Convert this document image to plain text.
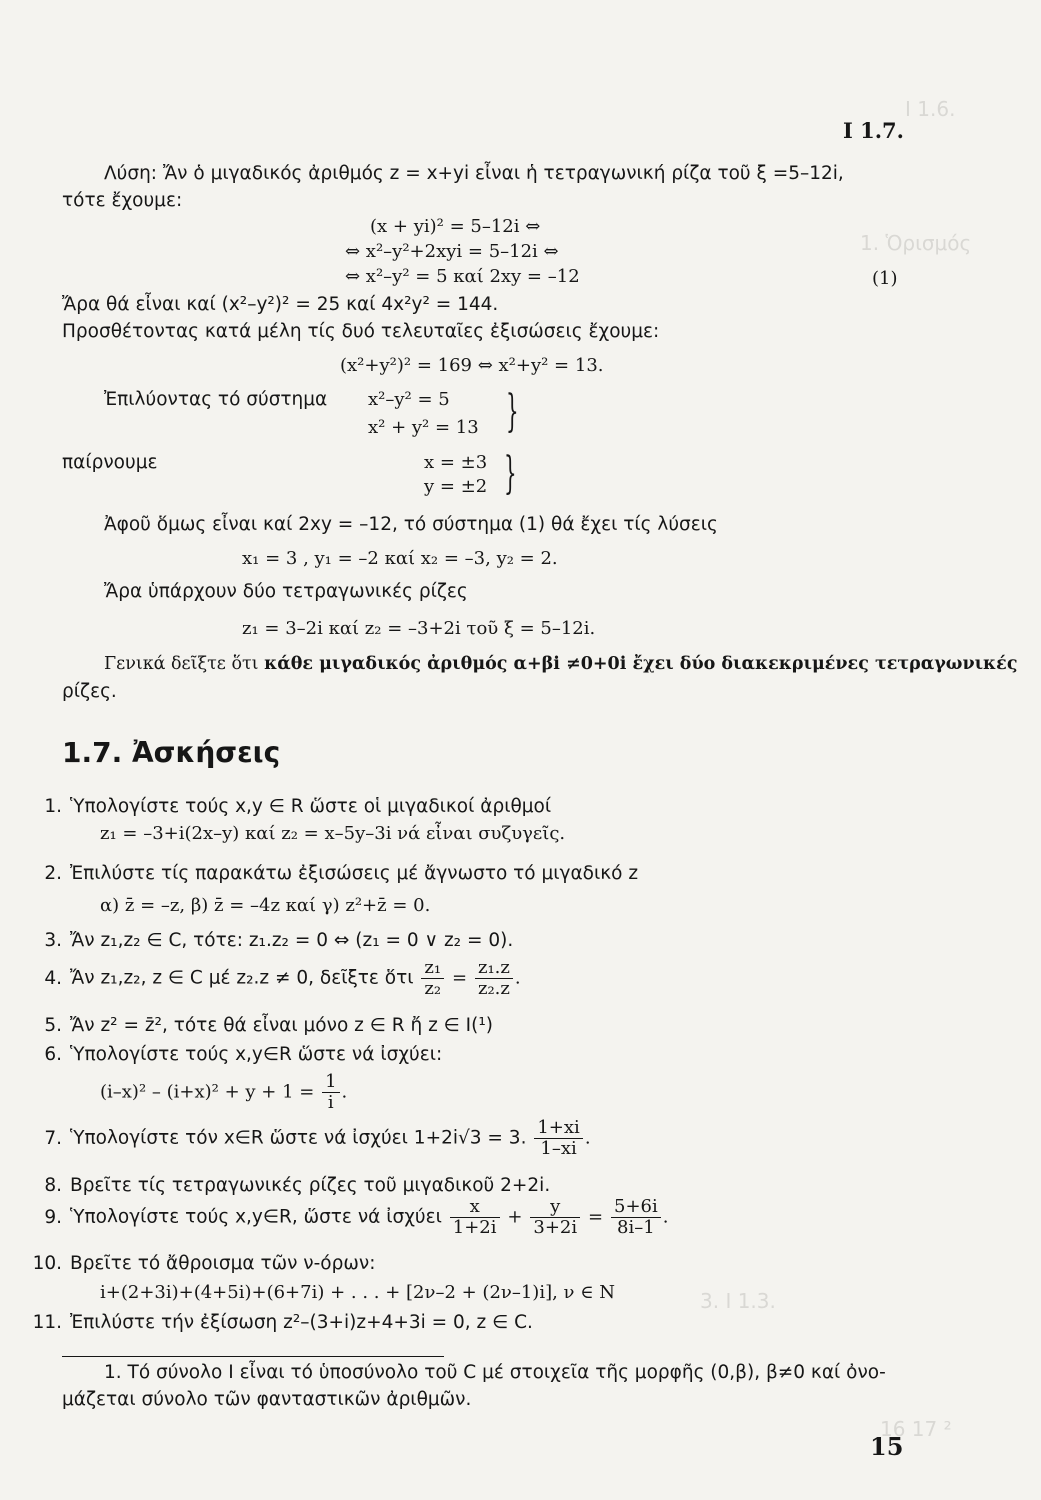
I 1.6.
1. Ὁρισμός
3. I 1.3.
16 17 ²
I 1.7.
Λύση: Ἄν ὁ μιγαδικός ἀριθμός z = x+yi εἶναι ἡ τετραγωνική ρίζα τοῦ ξ =5–12i,
τότε ἔχουμε:
(x + yi)² = 5–12i ⇔
⇔ x²–y²+2xyi = 5–12i ⇔
⇔ x²–y² = 5 καί 2xy = –12	(1)
Ἄρα θά εἶναι καί (x²–y²)² = 25 καί 4x²y² = 144.
Προσθέτοντας κατά μέλη τίς δυό τελευταῖες ἐξισώσεις ἔχουμε:
(x²+y²)² = 169 ⇔ x²+y² = 13.
Ἐπιλύοντας τό σύστημα x²–y² = 5
x² + y² = 13 }
παίρνουμε	x = ±3
y = ±2 }
Ἀφοῦ ὅμως εἶναι καί 2xy = –12, τό σύστημα (1) θά ἔχει τίς λύσεις
x₁ = 3 , y₁ = –2 καί x₂ = –3, y₂ = 2.
Ἄρα ὑπάρχουν δύο τετραγωνικές ρίζες
z₁ = 3–2i καί z₂ = –3+2i τοῦ ξ = 5–12i.
Γενικά δεῖξτε ὅτι κάθε μιγαδικός ἀριθμός α+βi ≠0+0i ἔχει δύο διακεκριμένες τετραγωνικές
ρίζες.
1.7. Ἀσκήσεις
1. Ὑπολογίστε τούς x,y ∈ R ὥστε οἱ μιγαδικοί ἀριθμοί
z₁ = –3+i(2x–y) καί z₂ = x–5y–3i νά εἶναι συζυγεῖς.
2. Ἐπιλύστε τίς παρακάτω ἐξισώσεις μέ ἄγνωστο τό μιγαδικό z
α) z̄ = –z, β) z̄ = –4z καί γ) z²+z̄ = 0.
3. Ἄν z₁,z₂ ∈ C, τότε: z₁.z₂ = 0 ⇔ (z₁ = 0 ∨ z₂ = 0).
4. Ἄν z₁,z₂, z ∈ C μέ z₂.z ≠ 0, δεῖξτε ὅτι $\frac{\text{z₁}}{\text{z₂}} = \frac{\text{z₁.z}}{\text{z₂.z}}$ .
5. Ἄν z² = z̄², τότε θά εἶναι μόνο z ∈ R ἤ z ∈ I(¹)
6. Ὑπολογίστε τούς x,y∈R ὥστε νά ἰσχύει:
$(i-x)^2 - (i+x)^2 + y + 1 = \frac{1}{i}$ .
7. Ὑπολογίστε τόν x∈R ὥστε νά ἰσχύει 1+2i√3 = 3. $\frac{1+xi}{1-xi}$ .
8. Βρεῖτε τίς τετραγωνικές ρίζες τοῦ μιγαδικοῦ 2+2i.
9. Ὑπολογίστε τούς x,y∈R, ὥστε νά ἰσχύει $\frac{x}{1+2i} + \frac{y}{3+2i} = \frac{5+6i}{8i-1}$ .
10. Βρεῖτε τό ἄθροισμα τῶν ν-όρων:
i+(2+3i)+(4+5i)+(6+7i) + . . . + [2ν–2 + (2ν–1)i], ν ∈ N
11. Ἐπιλύστε τήν ἐξίσωση z²–(3+i)z+4+3i = 0, z ∈ C.
1. Τό σύνολο I εἶναι τό ὑποσύνολο τοῦ C μέ στοιχεῖα τῆς μορφῆς (0,β), β≠0 καί ὀνο-
μάζεται σύνολο τῶν φανταστικῶν ἀριθμῶν.
15
